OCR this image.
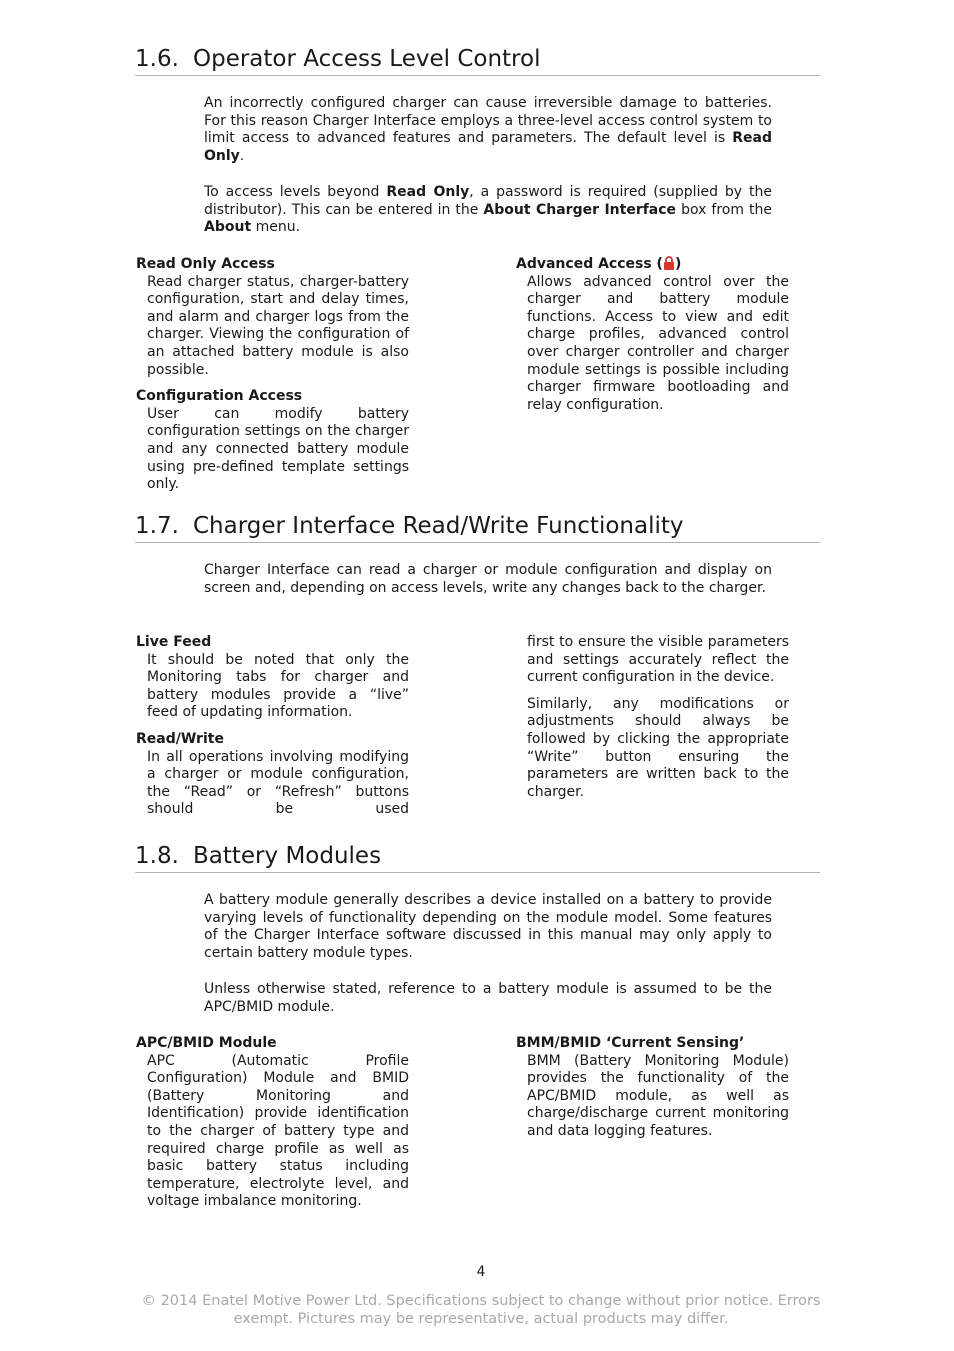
1.6. Operator Access Level Control

An incorrectly configured charger can cause irreversible damage to batteries. For this reason Charger Interface employs a three-level access control system to limit access to advanced features and parameters. The default level is Read Only.

To access levels beyond Read Only, a password is required (supplied by the distributor). This can be entered in the About Charger Interface box from the About menu.

Read Only Access

Read charger status, charger-battery configuration, start and delay times, and alarm and charger logs from the charger. Viewing the configuration of an attached battery module is also possible.

Configuration Access

User can modify battery configuration settings on the charger and any connected battery module using pre-defined template settings only.

Advanced Access ( )

Allows advanced control over the charger and battery module functions. Access to view and edit charge profiles, advanced control over charger controller and charger module settings is possible including charger firmware bootloading and relay configuration.

1.7. Charger Interface Read/Write Functionality

Charger Interface can read a charger or module configuration and display on screen and, depending on access levels, write any changes back to the charger.

Live Feed

It should be noted that only the Monitoring tabs for charger and battery modules provide a “live” feed of updating information.

Read/Write

In all operations involving modifying a charger or module configuration, the “Read” or “Refresh” buttons should be used

first to ensure the visible parameters and settings accurately reflect the current configuration in the device.

Similarly, any modifications or adjustments should always be followed by clicking the appropriate “Write” button ensuring the parameters are written back to the charger.

1.8. Battery Modules

A battery module generally describes a device installed on a battery to provide varying levels of functionality depending on the module model. Some features of the Charger Interface software discussed in this manual may only apply to certain battery module types.

Unless otherwise stated, reference to a battery module is assumed to be the APC/BMID module.

APC/BMID Module

APC (Automatic Profile Configuration) Module and BMID (Battery Monitoring and Identification) provide identification to the charger of battery type and required charge profile as well as basic battery status including temperature, electrolyte level, and voltage imbalance monitoring.

BMM/BMID ‘Current Sensing’

BMM (Battery Monitoring Module) provides the functionality of the APC/BMID module, as well as charge/discharge current monitoring and data logging features.

4
© 2014 Enatel Motive Power Ltd. Specifications subject to change without prior notice. Errors
exempt. Pictures may be representative, actual products may differ.
